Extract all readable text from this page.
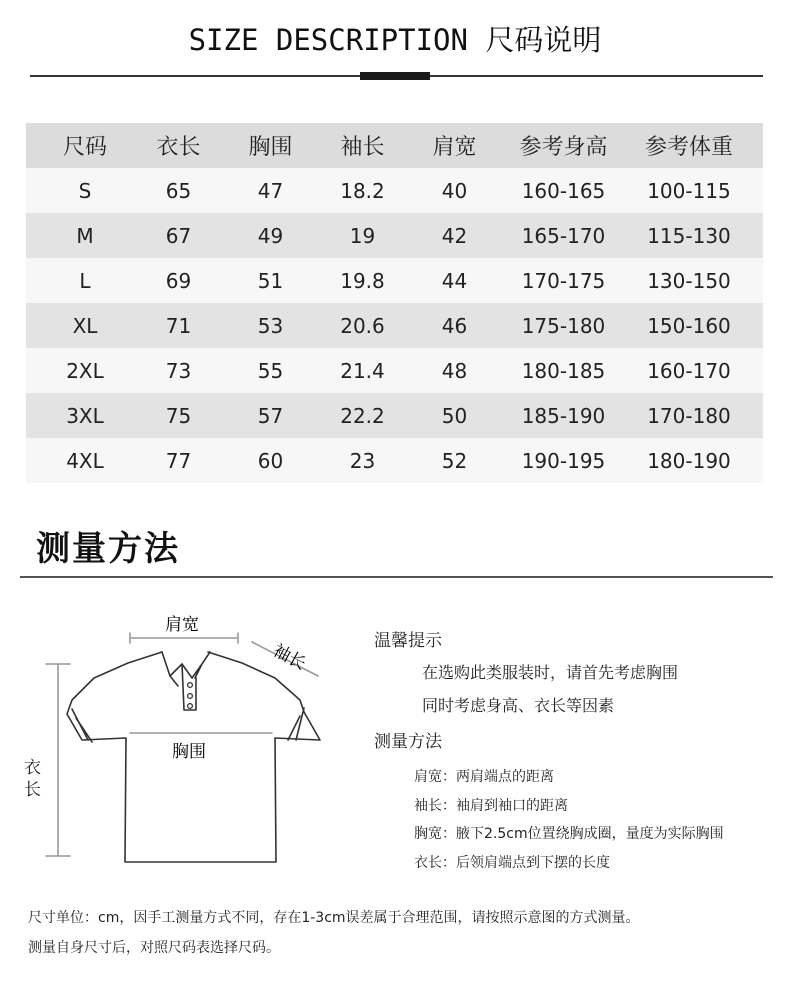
SIZE DESCRIPTION 尺码说明
尺码	衣长	胸围	袖长	肩宽	参考身高	参考体重
S	65	47	18.2	40	160-165	100-115
M	67	49	19	42	165-170	115-130
L	69	51	19.8	44	170-175	130-150
XL	71	53	20.6	46	175-180	150-160
2XL	73	55	21.4	48	180-185	160-170
3XL	75	57	22.2	50	185-190	170-180
4XL	77	60	23	52	190-195	180-190
测量方法
肩宽
袖长
胸围
衣
长
温馨提示
在选购此类服装时，请首先考虑胸围
同时考虑身高、衣长等因素
测量方法
肩宽：两肩端点的距离
袖长：袖肩到袖口的距离
胸宽：腋下2.5cm位置绕胸成圈，量度为实际胸围
衣长：后领肩端点到下摆的长度
尺寸单位：cm，因手工测量方式不同，存在1-3cm误差属于合理范围，请按照示意图的方式测量。
测量自身尺寸后，对照尺码表选择尺码。
